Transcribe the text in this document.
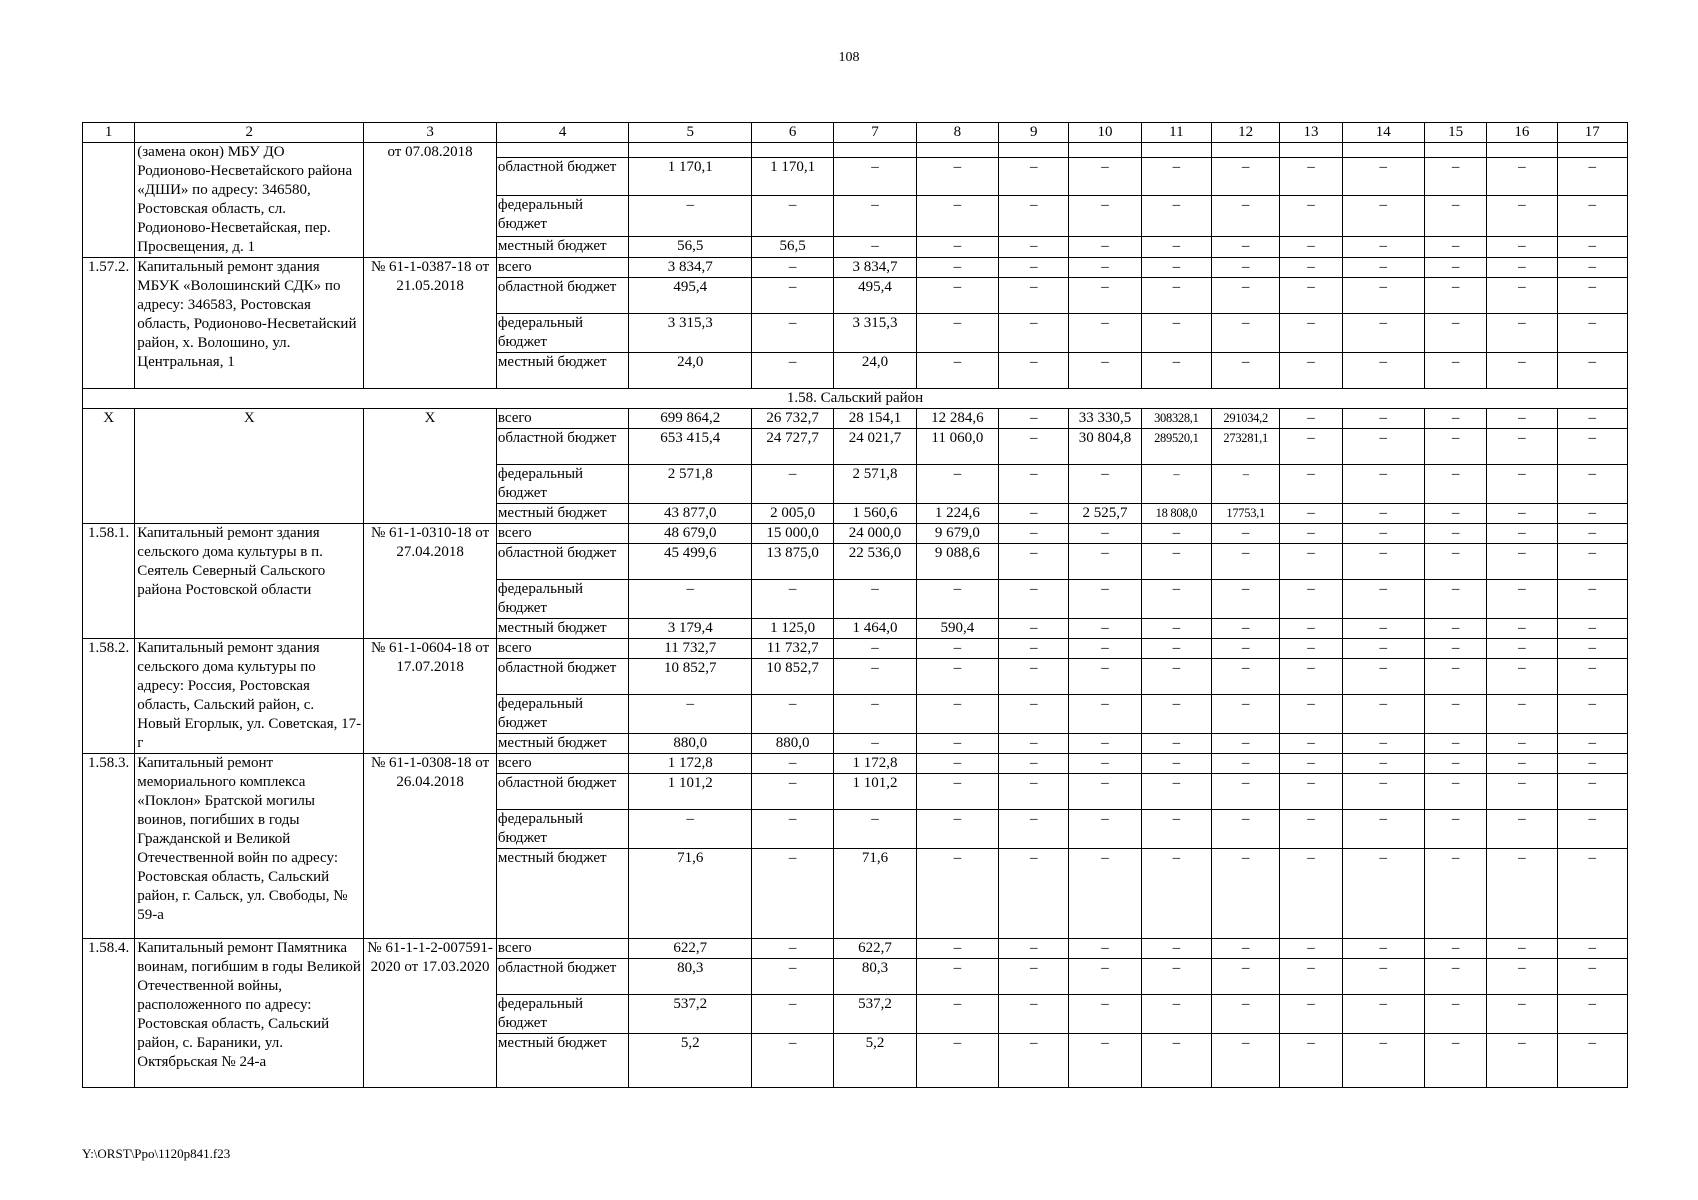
108
1	2	3	4	5	6	7	8	9	10	11	12	13	14	15	16	17
	(замена окон) МБУ ДО Родионово-Несветайского района «ДШИ» по адресу: 346580, Ростовская область, сл. Родионово-Несветайская, пер. Просвещения, д. 1	от 07.08.2018														
			областной бюджет	1 170,1	1 170,1	–	–	–	–	–	–	–	–	–	–	–
			федеральный бюджет	–	–	–	–	–	–	–	–	–	–	–	–	–
			местный бюджет	56,5	56,5	–	–	–	–	–	–	–	–	–	–	–
1.57.2.	Капитальный ремонт здания МБУК «Волошинский СДК» по адресу: 346583, Ростовская область, Родионово-Несветайский район, х. Волошино, ул. Центральная, 1	№ 61-1-0387-18 от 21.05.2018	всего	3 834,7	–	3 834,7	–	–	–	–	–	–	–	–	–	–
			областной бюджет	495,4	–	495,4	–	–	–	–	–	–	–	–	–	–
			федеральный бюджет	3 315,3	–	3 315,3	–	–	–	–	–	–	–	–	–	–
			местный бюджет	24,0	–	24,0	–	–	–	–	–	–	–	–	–	–
1.58. Сальский район																
Х	Х	Х	всего	699 864,2	26 732,7	28 154,1	12 284,6	–	33 330,5	308328,1	291034,2	–	–	–	–	–
			областной бюджет	653 415,4	24 727,7	24 021,7	11 060,0	–	30 804,8	289520,1	273281,1	–	–	–	–	–
			федеральный бюджет	2 571,8	–	2 571,8	–	–	–	–	–	–	–	–	–	–
			местный бюджет	43 877,0	2 005,0	1 560,6	1 224,6	–	2 525,7	18 808,0	17753,1	–	–	–	–	–
1.58.1.	Капитальный ремонт здания сельского дома культуры в п. Сеятель Северный Сальского района Ростовской области	№ 61-1-0310-18 от 27.04.2018	всего	48 679,0	15 000,0	24 000,0	9 679,0	–	–	–	–	–	–	–	–	–
			областной бюджет	45 499,6	13 875,0	22 536,0	9 088,6	–	–	–	–	–	–	–	–	–
			федеральный бюджет	–	–	–	–	–	–	–	–	–	–	–	–	–
			местный бюджет	3 179,4	1 125,0	1 464,0	590,4	–	–	–	–	–	–	–	–	–
1.58.2.	Капитальный ремонт здания сельского дома культуры по адресу: Россия, Ростовская область, Сальский район, с. Новый Егорлык, ул. Советская, 17-г	№ 61-1-0604-18 от 17.07.2018	всего	11 732,7	11 732,7	–	–	–	–	–	–	–	–	–	–	–
			областной бюджет	10 852,7	10 852,7	–	–	–	–	–	–	–	–	–	–	–
			федеральный бюджет	–	–	–	–	–	–	–	–	–	–	–	–	–
			местный бюджет	880,0	880,0	–	–	–	–	–	–	–	–	–	–	–
1.58.3.	Капитальный ремонт мемориального комплекса «Поклон» Братской могилы воинов, погибших в годы Гражданской и Великой Отечественной войн по адресу: Ростовская область, Сальский район, г. Сальск, ул. Свободы, № 59-а	№ 61-1-0308-18 от 26.04.2018	всего	1 172,8	–	1 172,8	–	–	–	–	–	–	–	–	–	–
			областной бюджет	1 101,2	–	1 101,2	–	–	–	–	–	–	–	–	–	–
			федеральный бюджет	–	–	–	–	–	–	–	–	–	–	–	–	–
			местный бюджет	71,6	–	71,6	–	–	–	–	–	–	–	–	–	–
1.58.4.	Капитальный ремонт Памятника воинам, погибшим в годы Великой Отечественной войны, расположенного по адресу: Ростовская область, Сальский район, с. Бараники, ул. Октябрьская № 24-а	№ 61-1-1-2-007591-2020 от 17.03.2020	всего	622,7	–	622,7	–	–	–	–	–	–	–	–	–	–
			областной бюджет	80,3	–	80,3	–	–	–	–	–	–	–	–	–	–
			федеральный бюджет	537,2	–	537,2	–	–	–	–	–	–	–	–	–	–
			местный бюджет	5,2	–	5,2	–	–	–	–	–	–	–	–	–	–
Y:\ORST\Ppo\1120p841.f23
